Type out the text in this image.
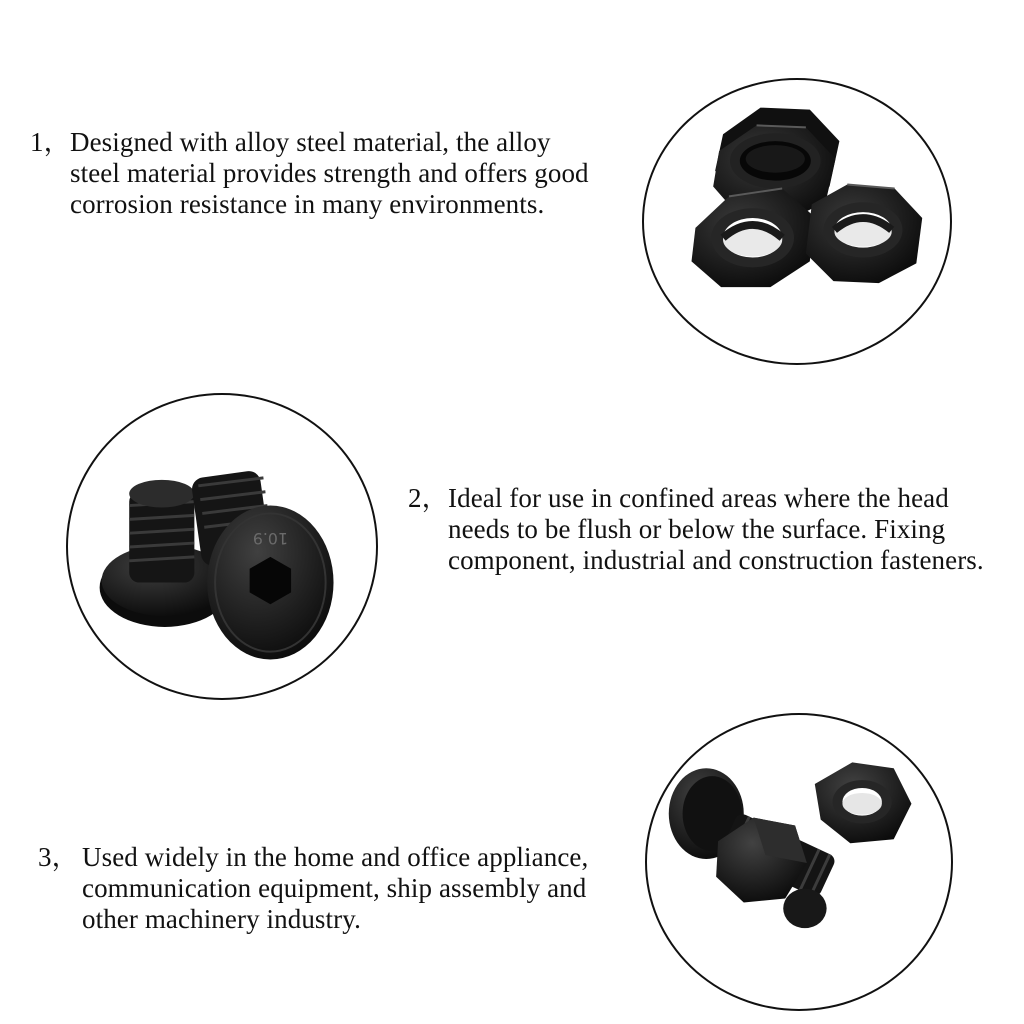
1， Designed with alloy steel material, the alloy
steel material provides strength and offers good
corrosion resistance in many environments.
10.9
2， Ideal for use in confined areas where the head
needs to be flush or below the surface. Fixing
component, industrial and construction fasteners.
3， Used widely in the home and office appliance,
communication equipment, ship assembly and
other machinery industry.
